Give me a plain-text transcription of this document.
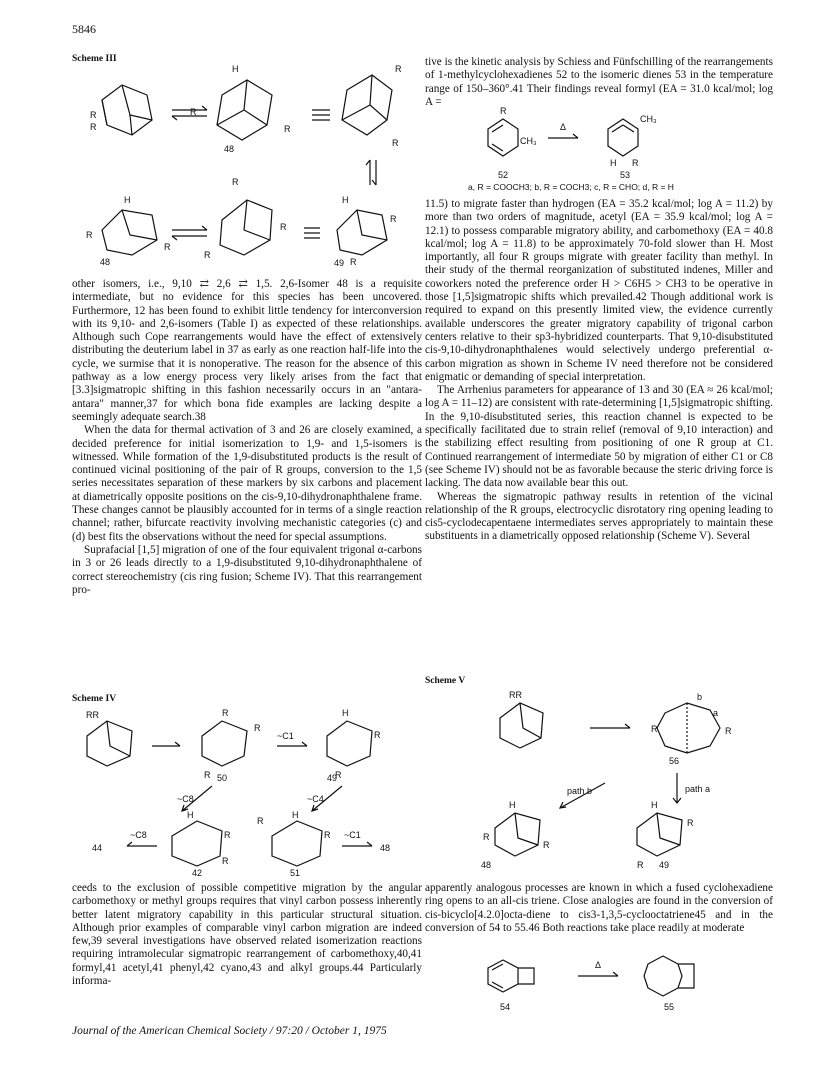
5846
Scheme III
R
R
R
R
R
R
R
R
R
R
R
R
R
H
H	H
48
48	49

other isomers, i.e., 9,10 ⇄ 2,6 ⇄ 1,5. 2,6-Isomer 48 is a requisite intermediate, but no evidence for this species has been uncovered. Furthermore, 12 has been found to exhibit little tendency for interconversion with its 9,10- and 2,6-isomers (Table I) as expected of these relationships. Although such Cope rearrangements would have the effect of extensively distributing the deuterium label in 37 as early as one reaction half-life into the cycle, we surmise that it is nonoperative. The reason for the absence of this pathway as a low energy process very likely arises from the fact that [3.3]sigmatropic shifting in this fashion necessarily occurs in an "antara-antara" manner,37 for which bona fide examples are lacking despite a seemingly adequate search.38

When the data for thermal activation of 3 and 26 are closely examined, a decided preference for initial isomerization to 1,9- and 1,5-isomers is witnessed. While formation of the 1,9-disubstituted products is the result of continued vicinal positioning of the pair of R groups, conversion to the 1,5 series necessitates separation of these markers by six carbons and placement at diametrically opposite positions on the cis-9,10-dihydronaphthalene frame. These changes cannot be plausibly accounted for in terms of a single reaction channel; rather, bifurcate reactivity involving mechanistic categories (c) and (d) best fits the observations without the need for special assumptions.

Suprafacial [1,5] migration of one of the four equivalent trigonal α-carbons in 3 or 26 leads directly to a 1,9-disubstituted 9,10-dihydronaphthalene of correct stereochemistry (cis ring fusion; Scheme IV). That this rearrangement pro-

Scheme IV
RR	R
R
R
H
R
R
H
R
R
R
H
R
50	49
42	51
44	48
~C1
~C8	~C4
~C8	~C1

ceeds to the exclusion of possible competitive migration by the angular carbomethoxy or methyl groups requires that vinyl carbon possess inherently better latent migratory capability in this particular structural situation. Although prior examples of comparable vinyl carbon migration are indeed few,39 several investigations have observed related isomerization reactions requiring intramolecular sigmatropic rearrangement of carbomethoxy,40,41 formyl,41 acetyl,41 phenyl,42 cyano,43 and alkyl groups.44 Particularly informa-

tive is the kinetic analysis by Schiess and Fünfschilling of the rearrangements of 1-methylcyclohexadienes 52 to the isomeric dienes 53 in the temperature range of 150–360°.41 Their findings reveal formyl (EA = 31.0 kcal/mol; log A =

R
CH₃
Δ
CH₃
H R
52	53
a, R = COOCH3; b, R = COCH3; c, R = CHO; d, R = H

11.5) to migrate faster than hydrogen (EA = 35.2 kcal/mol; log A = 11.2) by more than two orders of magnitude, acetyl (EA = 35.9 kcal/mol; log A = 12.1) to possess comparable migratory ability, and carbomethoxy (EA = 40.8 kcal/mol; log A = 11.8) to be approximately 70-fold slower than H. Most importantly, all four R groups migrate with greater facility than methyl. In their study of the thermal reorganization of substituted indenes, Miller and coworkers noted the preference order H > C6H5 > CH3 to be operative in those [1,5]sigmatropic shifts which prevailed.42 Though additional work is required to expand on this presently limited view, the evidence currently available underscores the greater migratory capability of trigonal carbon centers relative to their sp3-hybridized counterparts. That 9,10-disubstituted cis-9,10-dihydronaphthalenes would selectively undergo preferential α-carbon migration as shown in Scheme IV need therefore not be considered enigmatic or demanding of special interpretation.

The Arrhenius parameters for appearance of 13 and 30 (EA ≈ 26 kcal/mol; log A = 11–12) are consistent with rate-determining [1,5]sigmatropic shifting. In the 9,10-disubstituted series, this reaction channel is expected to be specifically facilitated due to strain relief (removal of 9,10 interaction) and the stabilizing effect resulting from positioning of one R group at C1. Continued rearrangement of intermediate 50 by migration of either C1 or C8 (see Scheme IV) should not be as favorable because the steric driving force is lacking. The data now available bear this out.

Whereas the sigmatropic pathway results in retention of the vicinal relationship of the R groups, electrocyclic disrotatory ring opening leading to cis5-cyclodecapentaene intermediates serves appropriately to maintain these substituents in a diametrically opposed relationship (Scheme V). Several

Scheme V
RR
R	R
b
a
H
R
R
H
R
R
56
48	49
path b	path a

apparently analogous processes are known in which a fused cyclohexadiene ring opens to an all-cis triene. Close analogies are found in the conversion of cis-bicyclo[4.2.0]octa-diene to cis3-1,3,5-cyclooctatriene45 and in the conversion of 54 to 55.46 Both reactions take place readily at moderate

Δ
54	55
Journal of the American Chemical Society / 97:20 / October 1, 1975
